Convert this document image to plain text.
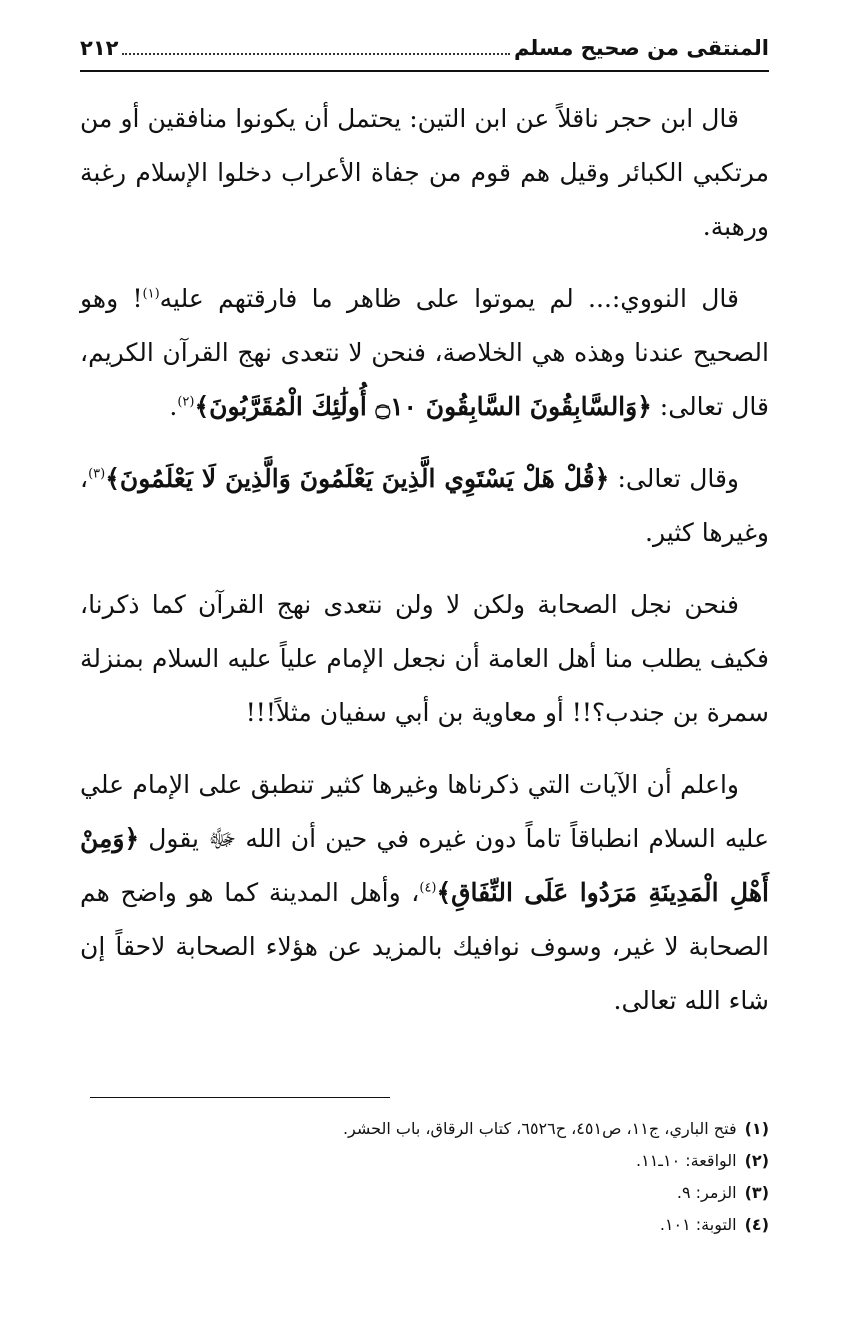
المنتقى من صحيح مسلم
٢١٢

قال ابن حجر ناقلاً عن ابن التين: يحتمل أن يكونوا منافقين أو من مرتكبي الكبائر وقيل هم قوم من جفاة الأعراب دخلوا الإسلام رغبة ورهبة.

قال النووي:... لم يموتوا على ظاهر ما فارقتهم عليه$^{(١)}$! وهو الصحيح عندنا وهذه هي الخلاصة، فنحن لا نتعدى نهج القرآن الكريم، قال تعالى: ﴿وَالسَّابِقُونَ السَّابِقُونَ ۝١٠ أُولَٰئِكَ الْمُقَرَّبُونَ﴾$^{(٢)}$.

وقال تعالى: ﴿قُلْ هَلْ يَسْتَوِي الَّذِينَ يَعْلَمُونَ وَالَّذِينَ لَا يَعْلَمُونَ﴾$^{(٣)}$، وغيرها كثير.

فنحن نجل الصحابة ولكن لا ولن نتعدى نهج القرآن كما ذكرنا، فكيف يطلب منا أهل العامة أن نجعل الإمام علياً عليه السلام بمنزلة سمرة بن جندب؟!! أو معاوية بن أبي سفيان مثلاً!!!

واعلم أن الآيات التي ذكرناها وغيرها كثير تنطبق على الإمام علي عليه السلام انطباقاً تاماً دون غيره في حين أن الله ﷻ يقول ﴿وَمِنْ أَهْلِ الْمَدِينَةِ مَرَدُوا عَلَى النِّفَاقِ﴾$^{(٤)}$، وأهل المدينة كما هو واضح هم الصحابة لا غير، وسوف نوافيك بالمزيد عن هؤلاء الصحابة لاحقاً إن شاء الله تعالى.

(١)فتح الباري، ج١١، ص٤٥١، ح٦٥٢٦، كتاب الرقاق، باب الحشر.
(٢)الواقعة: ١٠ـ١١.
(٣)الزمر: ٩.
(٤)التوبة: ١٠١.
